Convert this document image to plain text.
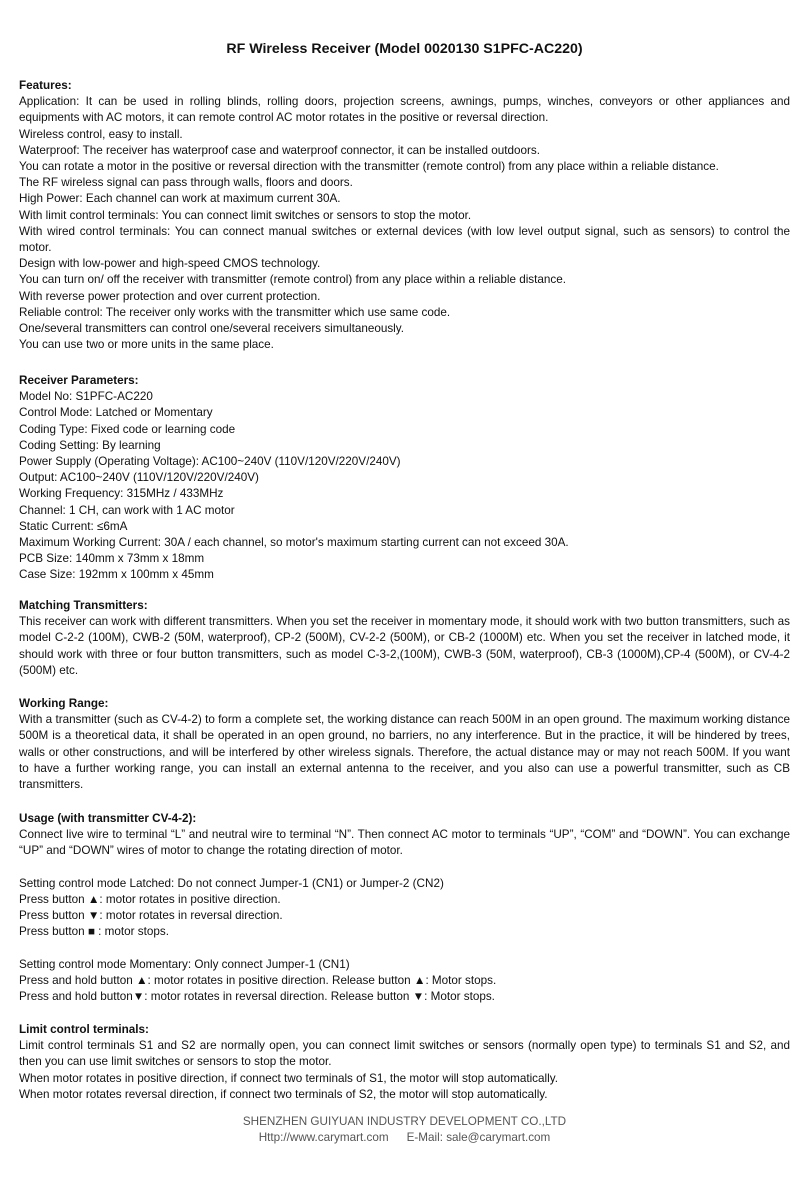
RF Wireless Receiver (Model 0020130 S1PFC-AC220)

Features:

Application: It can be used in rolling blinds, rolling doors, projection screens, awnings, pumps, winches, conveyors or other appliances and equipments with AC motors, it can remote control AC motor rotates in the positive or reversal direction.

Wireless control, easy to install.

Waterproof: The receiver has waterproof case and waterproof connector, it can be installed outdoors.

You can rotate a motor in the positive or reversal direction with the transmitter (remote control) from any place within a reliable distance.

The RF wireless signal can pass through walls, floors and doors.

High Power: Each channel can work at maximum current 30A.

With limit control terminals: You can connect limit switches or sensors to stop the motor.

With wired control terminals: You can connect manual switches or external devices (with low level output signal, such as sensors) to control the motor.

Design with low-power and high-speed CMOS technology.

You can turn on/ off the receiver with transmitter (remote control) from any place within a reliable distance.

With reverse power protection and over current protection.

Reliable control: The receiver only works with the transmitter which use same code.

One/several transmitters can control one/several receivers simultaneously.

You can use two or more units in the same place.

Receiver Parameters:

Model No: S1PFC-AC220

Control Mode: Latched or Momentary

Coding Type: Fixed code or learning code

Coding Setting: By learning

Power Supply (Operating Voltage): AC100~240V (110V/120V/220V/240V)

Output: AC100~240V (110V/120V/220V/240V)

Working Frequency: 315MHz / 433MHz

Channel: 1 CH, can work with 1 AC motor

Static Current: ≤6mA

Maximum Working Current: 30A / each channel, so motor's maximum starting current can not exceed 30A.

PCB Size: 140mm x 73mm x 18mm

Case Size: 192mm x 100mm x 45mm

Matching Transmitters:

This receiver can work with different transmitters. When you set the receiver in momentary mode, it should work with two button transmitters, such as model C-2-2 (100M), CWB-2 (50M, waterproof), CP-2 (500M), CV-2-2 (500M), or CB-2 (1000M) etc. When you set the receiver in latched mode, it should work with three or four button transmitters, such as model C-3-2,(100M), CWB-3 (50M, waterproof), CB-3 (1000M),CP-4 (500M), or CV-4-2 (500M) etc.

Working Range:

With a transmitter (such as CV-4-2) to form a complete set, the working distance can reach 500M in an open ground. The maximum working distance 500M is a theoretical data, it shall be operated in an open ground, no barriers, no any interference. But in the practice, it will be hindered by trees, walls or other constructions, and will be interfered by other wireless signals. Therefore, the actual distance may or may not reach 500M. If you want to have a further working range, you can install an external antenna to the receiver, and you also can use a powerful transmitter, such as CB transmitters.

Usage (with transmitter CV-4-2):

Connect live wire to terminal “L” and neutral wire to terminal “N”. Then connect AC motor to terminals “UP”, “COM” and “DOWN”. You can exchange “UP” and “DOWN” wires of motor to change the rotating direction of motor.

Setting control mode Latched: Do not connect Jumper-1 (CN1) or Jumper-2 (CN2)

Press button ▲: motor rotates in positive direction.

Press button ▼: motor rotates in reversal direction.

Press button ■ : motor stops.

Setting control mode Momentary: Only connect Jumper-1 (CN1)

Press and hold button ▲: motor rotates in positive direction. Release button ▲: Motor stops.

Press and hold button▼: motor rotates in reversal direction. Release button ▼: Motor stops.

Limit control terminals:

Limit control terminals S1 and S2 are normally open, you can connect limit switches or sensors (normally open type) to terminals S1 and S2, and then you can use limit switches or sensors to stop the motor.

When motor rotates in positive direction, if connect two terminals of S1, the motor will stop automatically.

When motor rotates reversal direction, if connect two terminals of S2, the motor will stop automatically.

SHENZHEN GUIYUAN INDUSTRY DEVELOPMENT CO.,LTD
Http://www.carymart.com E-Mail: sale@carymart.com
